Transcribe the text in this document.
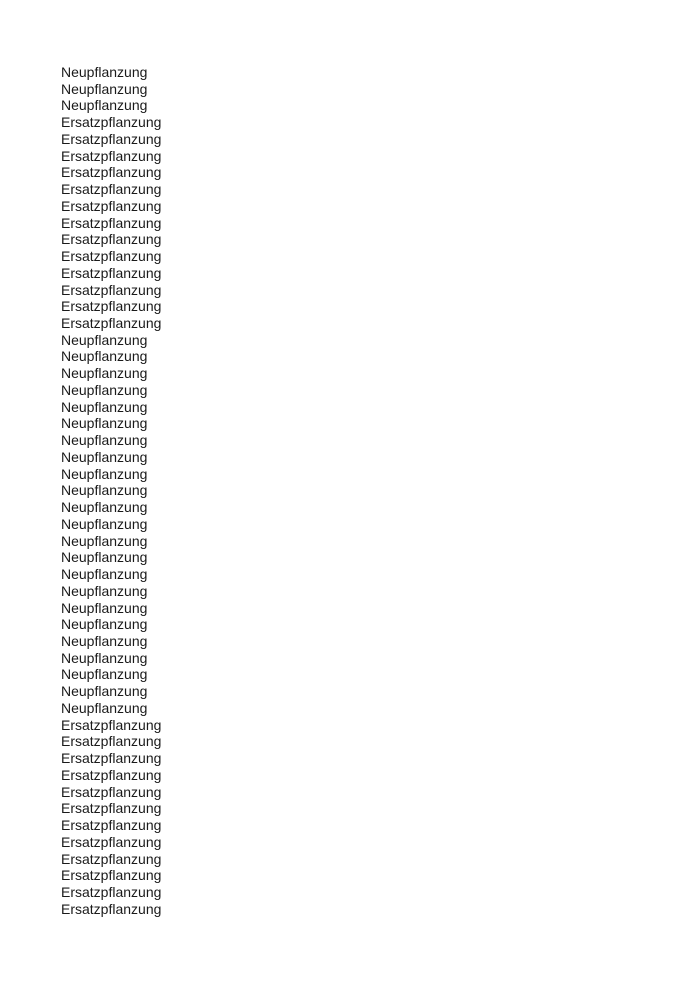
Neupflanzung
Neupflanzung
Neupflanzung
Ersatzpflanzung
Ersatzpflanzung
Ersatzpflanzung
Ersatzpflanzung
Ersatzpflanzung
Ersatzpflanzung
Ersatzpflanzung
Ersatzpflanzung
Ersatzpflanzung
Ersatzpflanzung
Ersatzpflanzung
Ersatzpflanzung
Ersatzpflanzung
Neupflanzung
Neupflanzung
Neupflanzung
Neupflanzung
Neupflanzung
Neupflanzung
Neupflanzung
Neupflanzung
Neupflanzung
Neupflanzung
Neupflanzung
Neupflanzung
Neupflanzung
Neupflanzung
Neupflanzung
Neupflanzung
Neupflanzung
Neupflanzung
Neupflanzung
Neupflanzung
Neupflanzung
Neupflanzung
Neupflanzung
Ersatzpflanzung
Ersatzpflanzung
Ersatzpflanzung
Ersatzpflanzung
Ersatzpflanzung
Ersatzpflanzung
Ersatzpflanzung
Ersatzpflanzung
Ersatzpflanzung
Ersatzpflanzung
Ersatzpflanzung
Ersatzpflanzung
